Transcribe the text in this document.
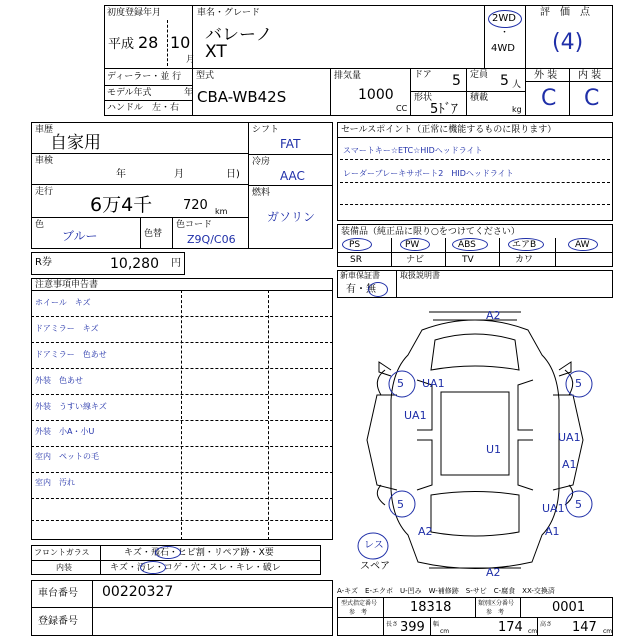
初度登録年月
平成 28 10
月
車名・グレード
バレーノ
XT
2WD
・
4WD
評　価　点
(4)
外 装 内 装
C C
ディーラー・並 行
モデル年式	年
ハンドル　左・右
型式
CBA-WB42S
排気量
1000
CC
ドア 5 定員 5 人
形状
5ﾄﾞｱ
積載
kg
車歴
自家用
車検
年	月	日)
走行
6万4千 720 km
色
ブルー	色替
色コード
Z9Q/C06
シフト
FAT
冷房
AAC
燃料
ガソリン
R券	10,280 円
セールスポイント（正常に機能するものに限ります）
スマートキー☆ETC☆HIDヘッドライト
レーダーブレーキサポート2　HIDヘッドライト
装備品（純正品に限り○をつけてください）
PS	PW	ABS	エアB	AW
SR	ナビ	TV	カワ
新車保証書
有・無
取扱説明書
注意事項申告書
ホイール　キズ
ドアミラー　キズ
ドアミラー　色あせ
外装　色あせ
外装　うすい線キズ
外装　小A・小U
室内　ペットの毛
室内　汚れ
A2
5 UA1	5
UA1
UA1
U1
A1
5
A2
5
A1
A2
UA1
レス
スペア
A-キズ　E-エクボ　U-凹み　W-補修跡　S-サビ　C-腐食　XX-交換済
フロントガラス	キズ・飛石・ヒビ割・リペア跡・X要
内装	キズ・汚レ・コゲ・穴・スレ・キレ・破レ
車台番号 00220327
登録番号
型式指定番号
参　考	18318	類別区分番号
参　考	0001
長さ 399	cm
幅	174 cm
高さ 147 cm
